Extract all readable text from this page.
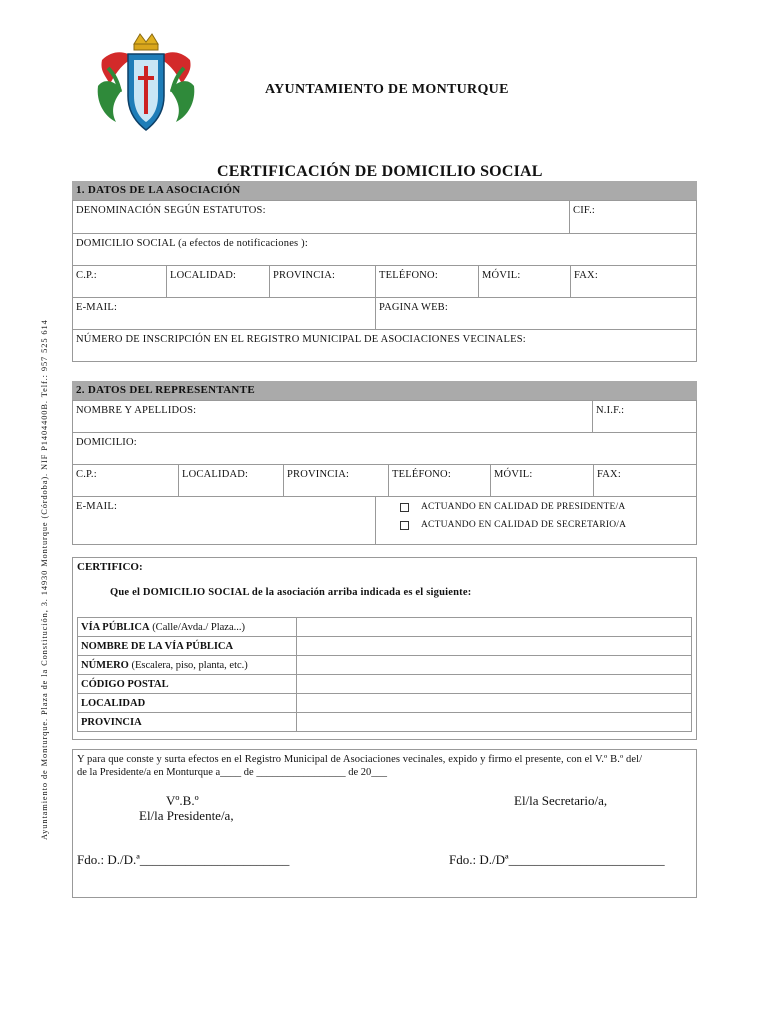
AYUNTAMIENTO DE MONTURQUE
CERTIFICACIÓN DE DOMICILIO SOCIAL
Ayuntamiento de Monturque. Plaza de la Constitución, 3. 14930 Monturque (Córdoba). NIF P1404400B. Telf.: 957 525 614
1. DATOS DE LA ASOCIACIÓN
DENOMINACIÓN SEGÚN ESTATUTOS:	CIF.:
DOMICILIO SOCIAL (a efectos de notificaciones ):
C.P.:	LOCALIDAD:	PROVINCIA:	TELÉFONO:	MÓVIL:	FAX:
E-MAIL:	PAGINA WEB:
NÚMERO DE INSCRIPCIÓN EN EL REGISTRO MUNICIPAL DE ASOCIACIONES VECINALES:
2. DATOS DEL REPRESENTANTE
NOMBRE Y APELLIDOS:	N.I.F.:
DOMICILIO:
C.P.:	LOCALIDAD:	PROVINCIA:	TELÉFONO:	MÓVIL:	FAX:
E-MAIL:	ACTUANDO EN CALIDAD DE PRESIDENTE/A
ACTUANDO EN CALIDAD DE SECRETARIO/A
CERTIFICO:
Que el DOMICILIO SOCIAL de la asociación arriba indicada es el siguiente:
VÍA PÚBLICA (Calle/Avda./ Plaza...)	
NOMBRE DE LA VÍA PÚBLICA	
NÚMERO (Escalera, piso, planta, etc.)	
CÓDIGO POSTAL	
LOCALIDAD	
PROVINCIA	
Y para que conste y surta efectos en el Registro Municipal de Asociaciones vecinales, expido y firmo el presente, con el V.º B.º del/
de la Presidente/a en Monturque a____ de _________________ de 20___
Vº.B.º
El/la Presidente/a,
El/la Secretario/a,
Fdo.: D./D.ª_______________________	Fdo.: D./Dª________________________
